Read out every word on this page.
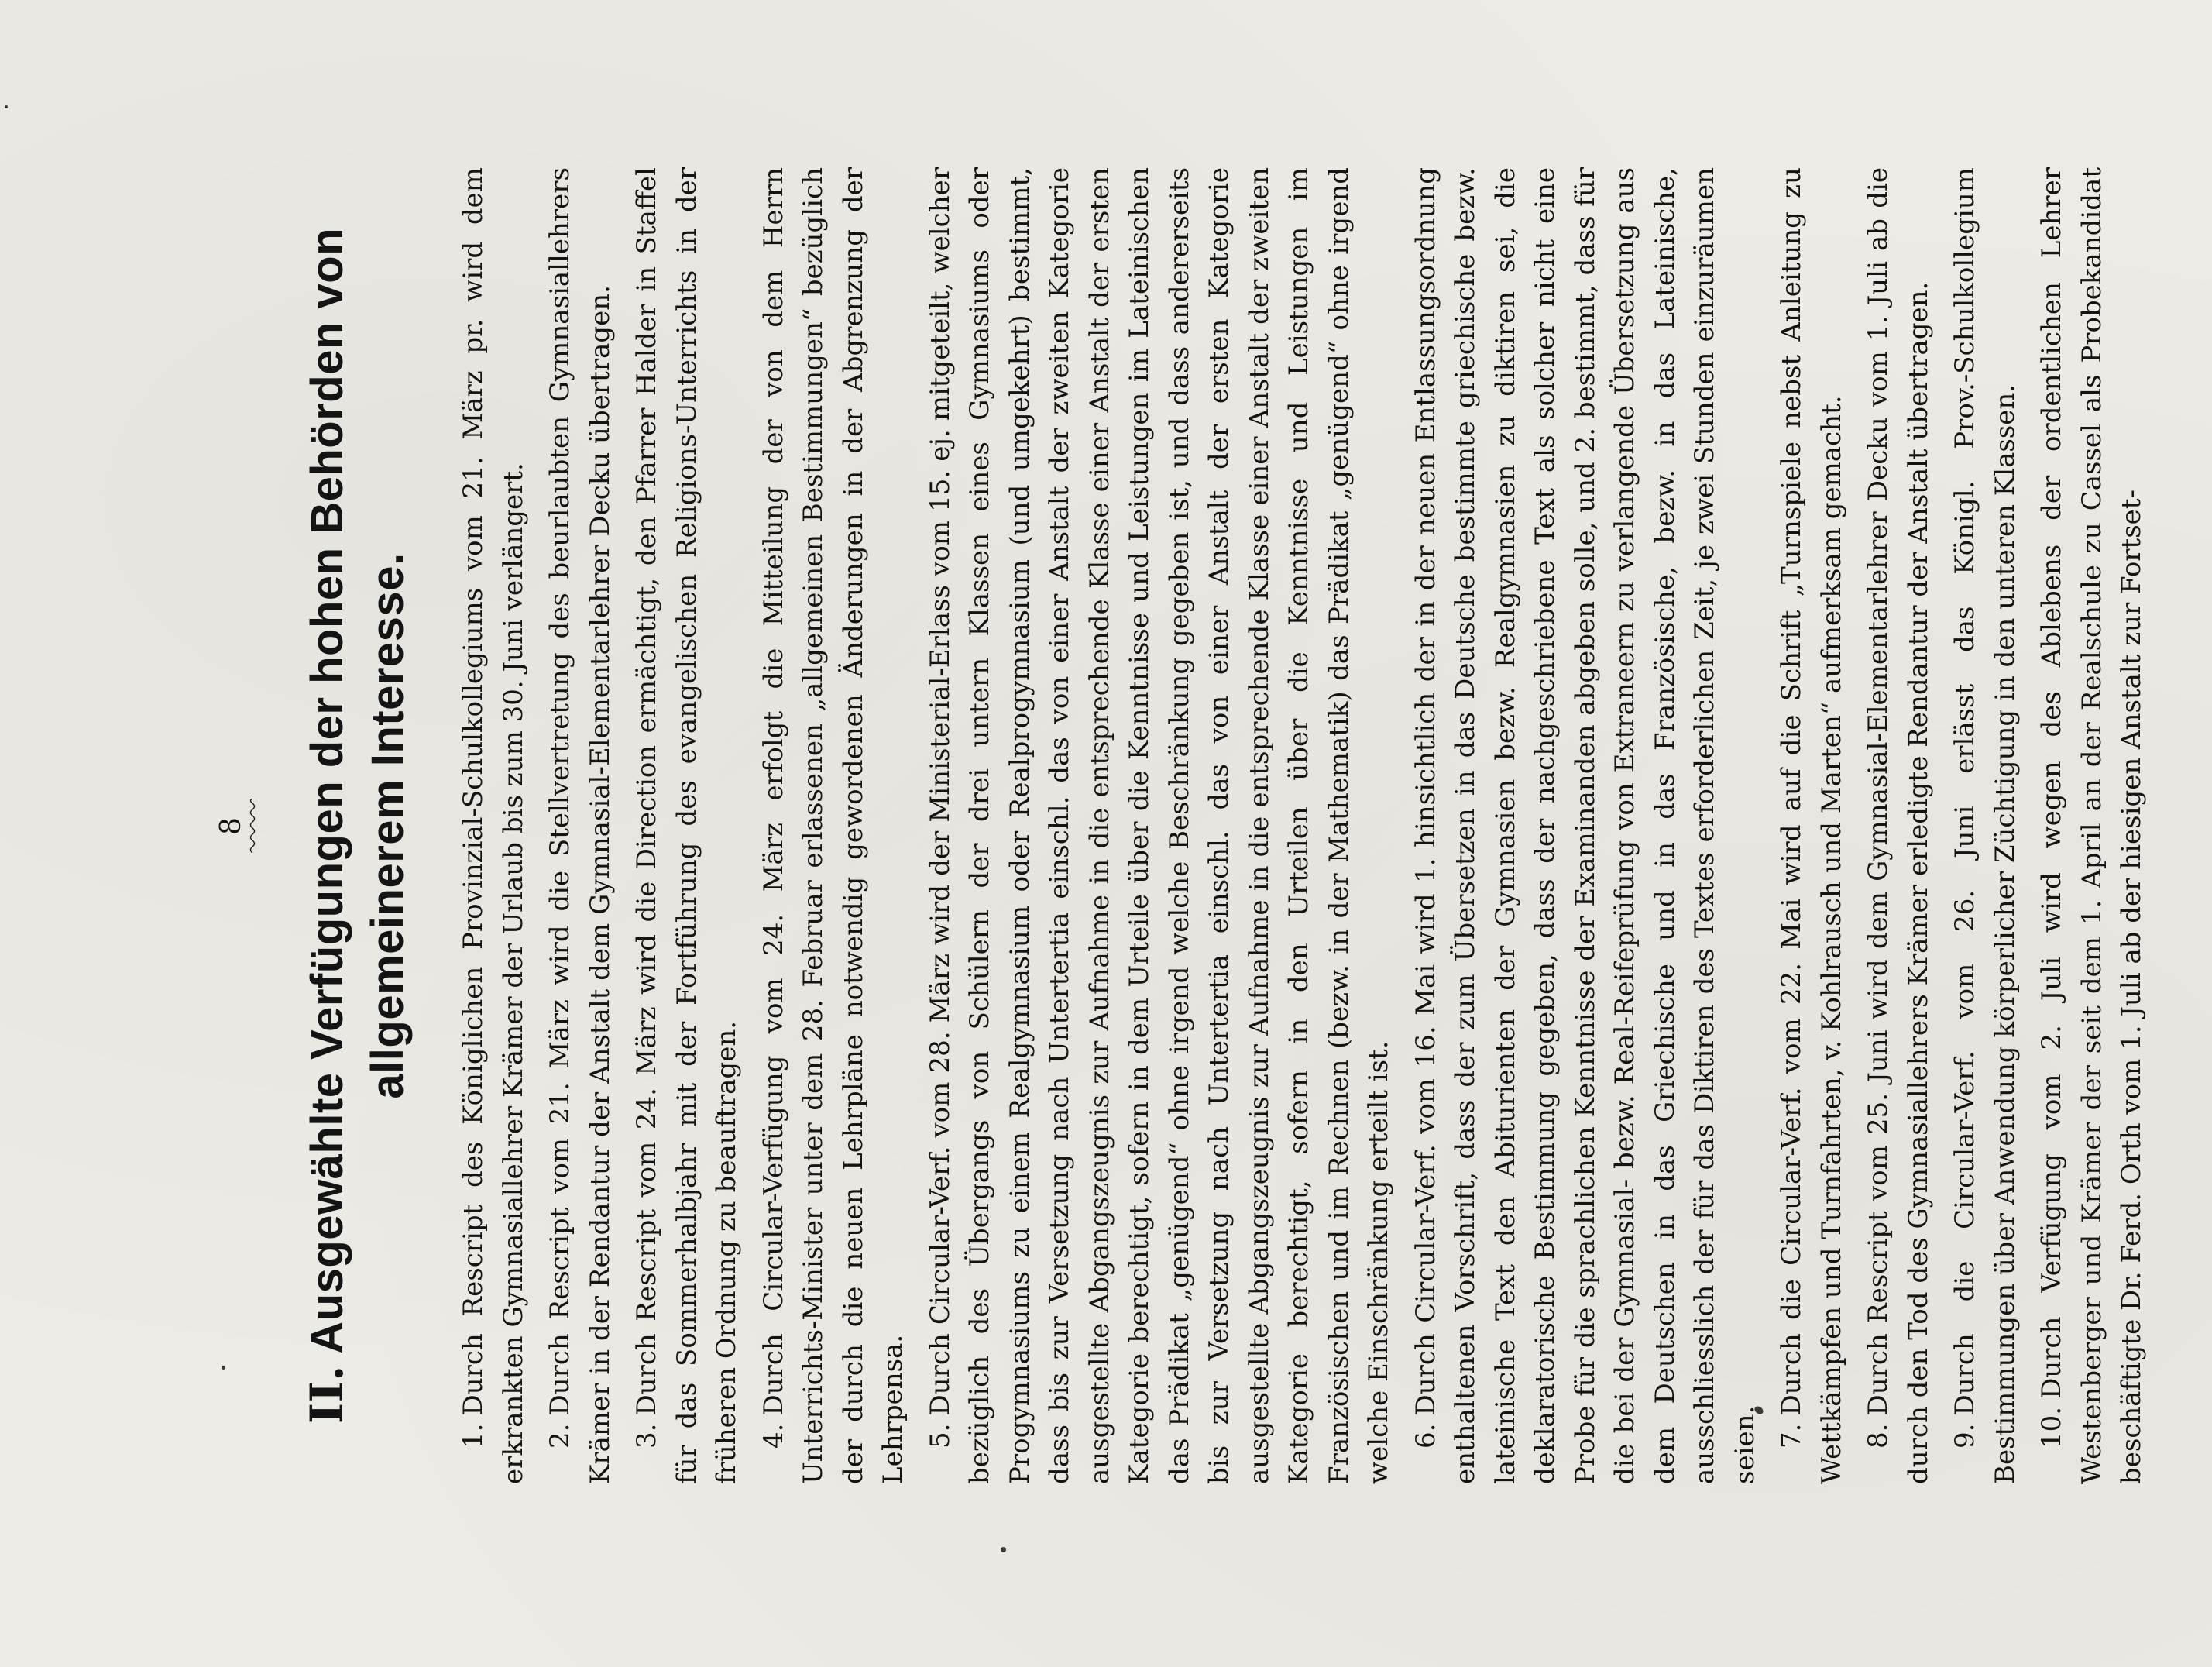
8
II. Ausgewählte Verfügungen der hohen Behörden von allgemeinerem Interesse.

1.Durch Rescript des Königlichen Provinzial-Schulkollegiums vom 21. März pr. wird dem erkrankten Gymnasiallehrer Krämer der Urlaub bis zum 30. Juni verlängert. 2.Durch Rescript vom 21. März wird die Stellvertretung des beurlaubten Gymnasiallehrers Krämer in der Rendantur der Anstalt dem Gymnasial-Elementarlehrer Decku übertragen. 3.Durch Rescript vom 24. März wird die Direction ermächtigt, den Pfarrer Halder in Staffel für das Sommerhalbjahr mit der Fortführung des evangelischen Religions-Unterrichts in der früheren Ordnung zu beauftragen. 4.Durch Circular-Verfügung vom 24. März erfolgt die Mitteilung der von dem Herrn Unterrichts-Minister unter dem 28. Februar erlassenen „allgemeinen Bestimmungen“ bezüglich der durch die neuen Lehrpläne notwendig gewordenen Änderungen in der Abgrenzung der Lehrpensa. 5.Durch Circular-Verf. vom 28. März wird der Ministerial-Erlass vom 15. ej. mitgeteilt, welcher bezüglich des Übergangs von Schülern der drei untern Klassen eines Gymnasiums oder Progymnasiums zu einem Realgymnasium oder Realprogymnasium (und umgekehrt) bestimmt, dass bis zur Versetzung nach Untertertia einschl. das von einer Anstalt der zweiten Kategorie ausgestellte Abgangszeugnis zur Aufnahme in die entsprechende Klasse einer Anstalt der ersten Kategorie berechtigt, sofern in dem Urteile über die Kenntnisse und Leistungen im Lateinischen das Prädikat „genügend“ ohne irgend welche Beschränkung gegeben ist, und dass andererseits bis zur Versetzung nach Untertertia einschl. das von einer Anstalt der ersten Kategorie ausgestellte Abgangszeugnis zur Aufnahme in die entsprechende Klasse einer Anstalt der zweiten Kategorie berechtigt, sofern in den Urteilen über die Kenntnisse und Leistungen im Französischen und im Rechnen (bezw. in der Mathematik) das Prädikat „genügend“ ohne irgend welche Einschränkung erteilt ist. 6.Durch Circular-Verf. vom 16. Mai wird 1. hinsichtlich der in der neuen Entlassungsordnung enthaltenen Vorschrift, dass der zum Übersetzen in das Deutsche bestimmte griechische bezw. lateinische Text den Abiturienten der Gymnasien bezw. Realgymnasien zu diktiren sei, die deklaratorische Bestimmung gegeben, dass der nachgeschriebene Text als solcher nicht eine Probe für die sprachlichen Kenntnisse der Examinanden abgeben solle, und 2. bestimmt, dass für die bei der Gymnasial- bezw. Real-Reifeprüfung von Extraneern zu verlangende Übersetzung aus dem Deutschen in das Griechische und in das Französische, bezw. in das Lateinische, ausschliesslich der für das Diktiren des Textes erforderlichen Zeit, je zwei Stunden einzuräumen seien. 7.Durch die Circular-Verf. vom 22. Mai wird auf die Schrift „Turnspiele nebst Anleitung zu Wettkämpfen und Turnfahrten, v. Kohlrausch und Marten“ aufmerksam gemacht. 8.Durch Rescript vom 25. Juni wird dem Gymnasial-Elementarlehrer Decku vom 1. Juli ab die durch den Tod des Gymnasiallehrers Krämer erledigte Rendantur der Anstalt übertragen. 9.Durch die Circular-Verf. vom 26. Juni erlässt das Königl. Prov.-Schulkollegium Bestimmungen über Anwendung körperlicher Züchtigung in den unteren Klassen. 10.Durch Verfügung vom 2. Juli wird wegen des Ablebens der ordentlichen Lehrer Westenberger und Krämer der seit dem 1. April an der Realschule zu Cassel als Probekandidat beschäftigte Dr. Ferd. Orth vom 1. Juli ab der hiesigen Anstalt zur Fortset-
